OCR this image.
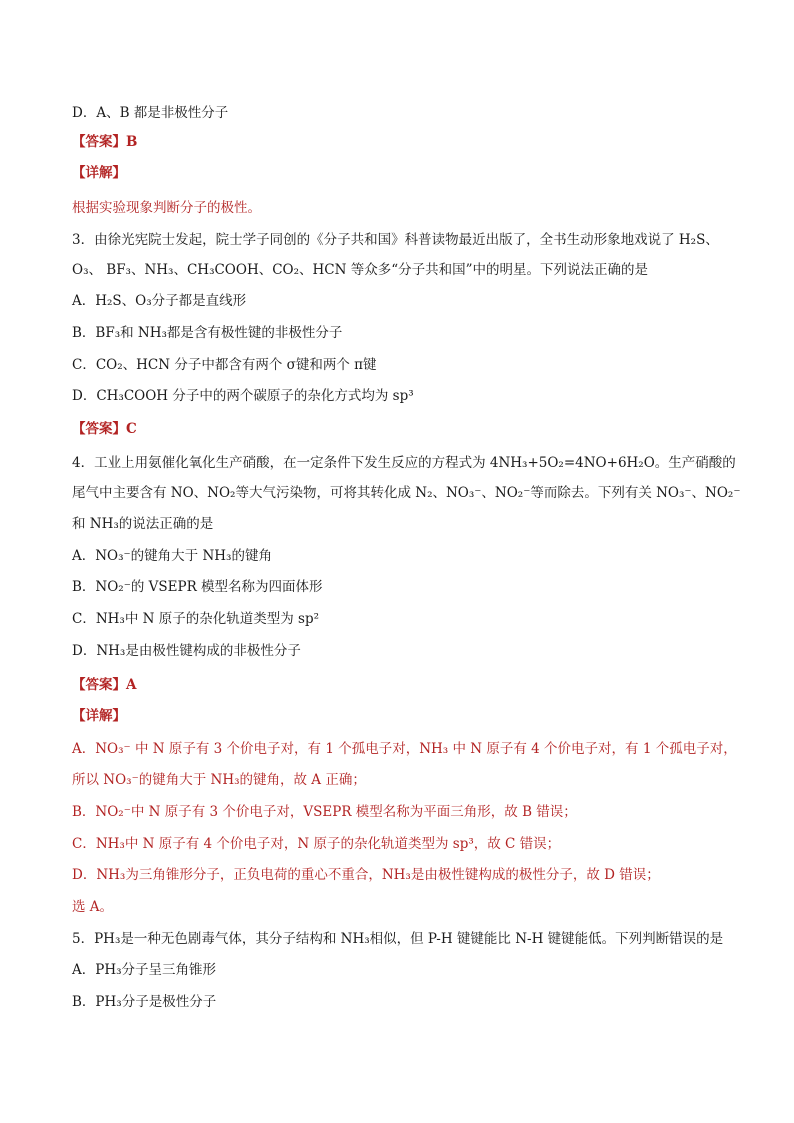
D．A、B 都是非极性分子
【答案】B
【详解】
根据实验现象判断分子的极性。
3．由徐光宪院士发起，院士学子同创的《分子共和国》科普读物最近出版了，全书生动形象地戏说了 H₂S、
O₃、 BF₃、NH₃、CH₃COOH、CO₂、HCN 等众多“分子共和国”中的明星。下列说法正确的是
A．H₂S、O₃分子都是直线形
B．BF₃和 NH₃都是含有极性键的非极性分子
C．CO₂、HCN 分子中都含有两个 σ键和两个 π键
D．CH₃COOH 分子中的两个碳原子的杂化方式均为 sp³
【答案】C
4．工业上用氨催化氧化生产硝酸，在一定条件下发生反应的方程式为 4NH₃+5O₂=4NO+6H₂O。生产硝酸的
尾气中主要含有 NO、NO₂等大气污染物，可将其转化成 N₂、NO₃⁻、NO₂⁻等而除去。下列有关 NO₃⁻、NO₂⁻
和 NH₃的说法正确的是
A．NO₃⁻的键角大于 NH₃的键角
B．NO₂⁻的 VSEPR 模型名称为四面体形
C．NH₃中 N 原子的杂化轨道类型为 sp²
D．NH₃是由极性键构成的非极性分子
【答案】A
【详解】
A．NO₃⁻ 中 N 原子有 3 个价电子对，有 1 个孤电子对，NH₃ 中 N 原子有 4 个价电子对，有 1 个孤电子对，
所以 NO₃⁻的键角大于 NH₃的键角，故 A 正确；
B．NO₂⁻中 N 原子有 3 个价电子对，VSEPR 模型名称为平面三角形，故 B 错误；
C．NH₃中 N 原子有 4 个价电子对，N 原子的杂化轨道类型为 sp³，故 C 错误；
D．NH₃为三角锥形分子，正负电荷的重心不重合，NH₃是由极性键构成的极性分子，故 D 错误；
选 A。
5．PH₃是一种无色剧毒气体，其分子结构和 NH₃相似，但 P-H 键键能比 N-H 键键能低。下列判断错误的是
A．PH₃分子呈三角锥形
B．PH₃分子是极性分子
